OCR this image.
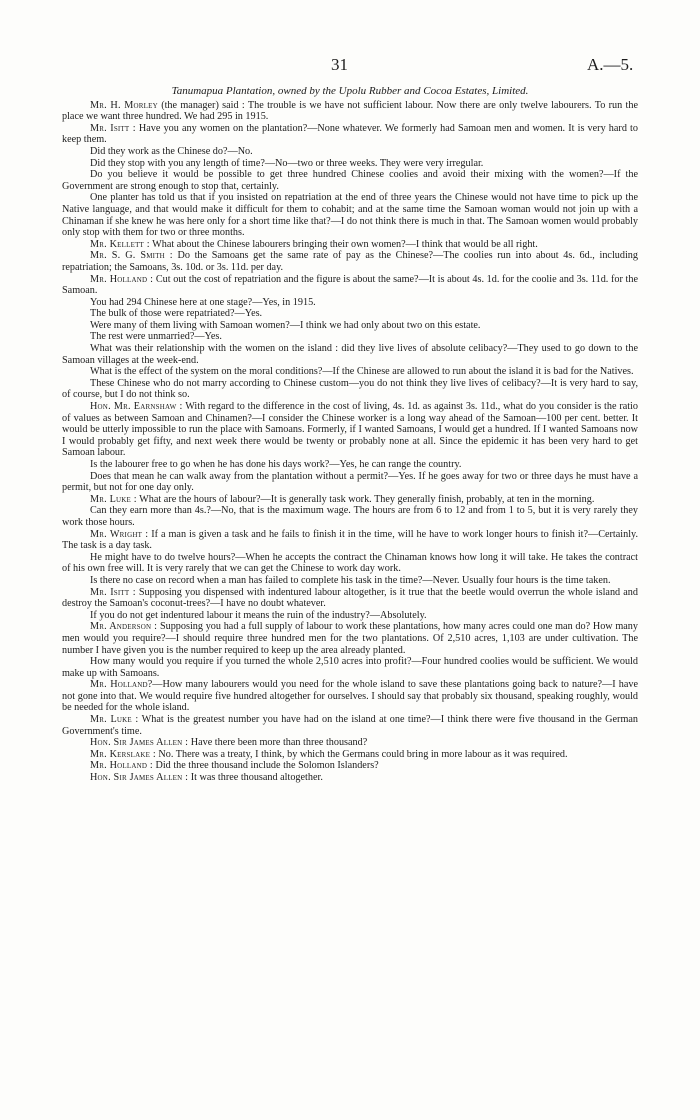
31	A.—5.

Tanumapua Plantation, owned by the Upolu Rubber and Cocoa Estates, Limited.

Mr. H. Morley (the manager) said : The trouble is we have not sufficient labour. Now there are only twelve labourers. To run the place we want three hundred. We had 295 in 1915.

Mr. Isitt : Have you any women on the plantation?—None whatever. We formerly had Samoan men and women. It is very hard to keep them.

Did they work as the Chinese do?—No.

Did they stop with you any length of time?—No—two or three weeks. They were very irregular.

Do you believe it would be possible to get three hundred Chinese coolies and avoid their mixing with the women?—If the Government are strong enough to stop that, certainly.

One planter has told us that if you insisted on repatriation at the end of three years the Chinese would not have time to pick up the Native language, and that would make it difficult for them to cohabit; and at the same time the Samoan woman would not join up with a Chinaman if she knew he was here only for a short time like that?—I do not think there is much in that. The Samoan women would probably only stop with them for two or three months.

Mr. Kellett : What about the Chinese labourers bringing their own women?—I think that would be all right.

Mr. S. G. Smith : Do the Samoans get the same rate of pay as the Chinese?—The coolies run into about 4s. 6d., including repatriation; the Samoans, 3s. 10d. or 3s. 11d. per day.

Mr. Holland : Cut out the cost of repatriation and the figure is about the same?—It is about 4s. 1d. for the coolie and 3s. 11d. for the Samoan.

You had 294 Chinese here at one stage?—Yes, in 1915.

The bulk of those were repatriated?—Yes.

Were many of them living with Samoan women?—I think we had only about two on this estate.

The rest were unmarried?—Yes.

What was their relationship with the women on the island : did they live lives of absolute celibacy?—They used to go down to the Samoan villages at the week-end.

What is the effect of the system on the moral conditions?—If the Chinese are allowed to run about the island it is bad for the Natives.

These Chinese who do not marry according to Chinese custom—you do not think they live lives of celibacy?—It is very hard to say, of course, but I do not think so.

Hon. Mr. Earnshaw : With regard to the difference in the cost of living, 4s. 1d. as against 3s. 11d., what do you consider is the ratio of values as between Samoan and Chinamen?—I consider the Chinese worker is a long way ahead of the Samoan—100 per cent. better. It would be utterly impossible to run the place with Samoans. Formerly, if I wanted Samoans, I would get a hundred. If I wanted Samoans now I would probably get fifty, and next week there would be twenty or probably none at all. Since the epidemic it has been very hard to get Samoan labour.

Is the labourer free to go when he has done his days work?—Yes, he can range the country.

Does that mean he can walk away from the plantation without a permit?—Yes. If he goes away for two or three days he must have a permit, but not for one day only.

Mr. Luke : What are the hours of labour?—It is generally task work. They generally finish, probably, at ten in the morning.

Can they earn more than 4s.?—No, that is the maximum wage. The hours are from 6 to 12 and from 1 to 5, but it is very rarely they work those hours.

Mr. Wright : If a man is given a task and he fails to finish it in the time, will he have to work longer hours to finish it?—Certainly. The task is a day task.

He might have to do twelve hours?—When he accepts the contract the Chinaman knows how long it will take. He takes the contract of his own free will. It is very rarely that we can get the Chinese to work day work.

Is there no case on record when a man has failed to complete his task in the time?—Never. Usually four hours is the time taken.

Mr. Isitt : Supposing you dispensed with indentured labour altogether, is it true that the beetle would overrun the whole island and destroy the Samoan's coconut-trees?—I have no doubt whatever.

If you do not get indentured labour it means the ruin of the industry?—Absolutely.

Mr. Anderson : Supposing you had a full supply of labour to work these plantations, how many acres could one man do? How many men would you require?—I should require three hundred men for the two plantations. Of 2,510 acres, 1,103 are under cultivation. The number I have given you is the number required to keep up the area already planted.

How many would you require if you turned the whole 2,510 acres into profit?—Four hundred coolies would be sufficient. We would make up with Samoans.

Mr. Holland?—How many labourers would you need for the whole island to save these plantations going back to nature?—I have not gone into that. We would require five hundred altogether for ourselves. I should say that probably six thousand, speaking roughly, would be needed for the whole island.

Mr. Luke : What is the greatest number you have had on the island at one time?—I think there were five thousand in the German Government's time.

Hon. Sir James Allen : Have there been more than three thousand?

Mr. Kerslake : No. There was a treaty, I think, by which the Germans could bring in more labour as it was required.

Mr. Holland : Did the three thousand include the Solomon Islanders?

Hon. Sir James Allen : It was three thousand altogether.
